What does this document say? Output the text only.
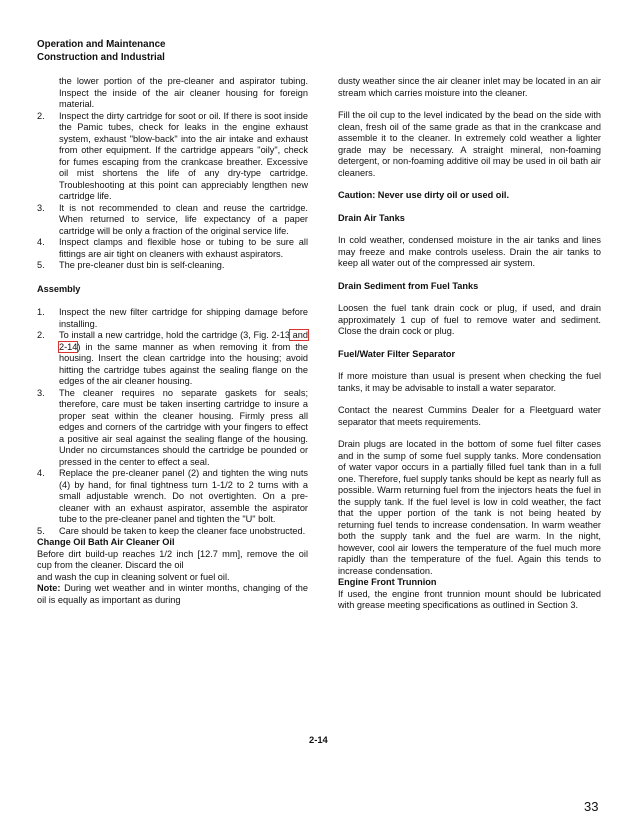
Operation and Maintenance
Construction and Industrial

the lower portion of the pre-cleaner and aspirator tubing. Inspect the inside of the air cleaner housing for foreign material.

2. Inspect the dirty cartridge for soot or oil. If there is soot inside the Pamic tubes, check for leaks in the engine exhaust system, exhaust "blow-back" into the air intake and exhaust from other equipment. If the cartridge appears "oily", check for fumes escaping from the crankcase breather. Excessive oil mist shortens the life of any dry-type cartridge. Troubleshooting at this point can appreciably lengthen new cartridge life.
3. It is not recommended to clean and reuse the cartridge. When returned to service, life expectancy of a paper cartridge will be only a fraction of the original service life.
4. Inspect clamps and flexible hose or tubing to be sure all fittings are air tight on cleaners with exhaust aspirators.
5. The pre-cleaner dust bin is self-cleaning.

Assembly

1. Inspect the new filter cartridge for shipping damage before installing.
2. To install a new cartridge, hold the cartridge (3, Fig. 2-13 and 2-14) in the same manner as when removing it from the housing. Insert the clean cartridge into the housing; avoid hitting the cartridge tubes against the sealing flange on the edges of the air cleaner housing.
3. The cleaner requires no separate gaskets for seals; therefore, care must be taken inserting cartridge to insure a proper seat within the cleaner housing. Firmly press all edges and corners of the cartridge with your fingers to effect a positive air seal against the sealing flange of the housing. Under no circumstances should the cartridge be pounded or pressed in the center to effect a seal.
4. Replace the pre-cleaner panel (2) and tighten the wing nuts (4) by hand, for final tightness turn 1-1/2 to 2 turns with a small adjustable wrench. Do not overtighten. On a pre-cleaner with an exhaust aspirator, assemble the aspirator tube to the pre-cleaner panel and tighten the "U" bolt.
5. Care should be taken to keep the cleaner face unobstructed.

Change Oil Bath Air Cleaner Oil

Before dirt build-up reaches 1/2 inch [12.7 mm], remove the oil cup from the cleaner. Discard the oil

and wash the cup in cleaning solvent or fuel oil.

Note: During wet weather and in winter months, changing of the oil is equally as important as during

dusty weather since the air cleaner inlet may be located in an air stream which carries moisture into the cleaner.

Fill the oil cup to the level indicated by the bead on the side with clean, fresh oil of the same grade as that in the crankcase and assemble it to the cleaner. In extremely cold weather a lighter grade may be necessary. A straight mineral, non-foaming detergent, or non-foaming additive oil may be used in oil bath air cleaners.

Caution: Never use dirty oil or used oil.

Drain Air Tanks

In cold weather, condensed moisture in the air tanks and lines may freeze and make controls useless. Drain the air tanks to keep all water out of the compressed air system.

Drain Sediment from Fuel Tanks

Loosen the fuel tank drain cock or plug, if used, and drain approximately 1 cup of fuel to remove water and sediment. Close the drain cock or plug.

Fuel/Water Filter Separator

If more moisture than usual is present when checking the fuel tanks, it may be advisable to install a water separator.

Contact the nearest Cummins Dealer for a Fleetguard water separator that meets requirements.

Drain plugs are located in the bottom of some fuel filter cases and in the sump of some fuel supply tanks. More condensation of water vapor occurs in a partially filled fuel tank than in a full one. Therefore, fuel supply tanks should be kept as nearly full as possible. Warm returning fuel from the injectors heats the fuel in the supply tank. If the fuel level is low in cold weather, the fact that the upper portion of the tank is not being heated by returning fuel tends to increase condensation. In warm weather both the supply tank and the fuel are warm. In the night, however, cool air lowers the temperature of the fuel much more rapidly than the temperature of the fuel. Again this tends to increase condensation.

Engine Front Trunnion

If used, the engine front trunnion mount should be lubricated with grease meeting specifications as outlined in Section 3.

2-14
33
